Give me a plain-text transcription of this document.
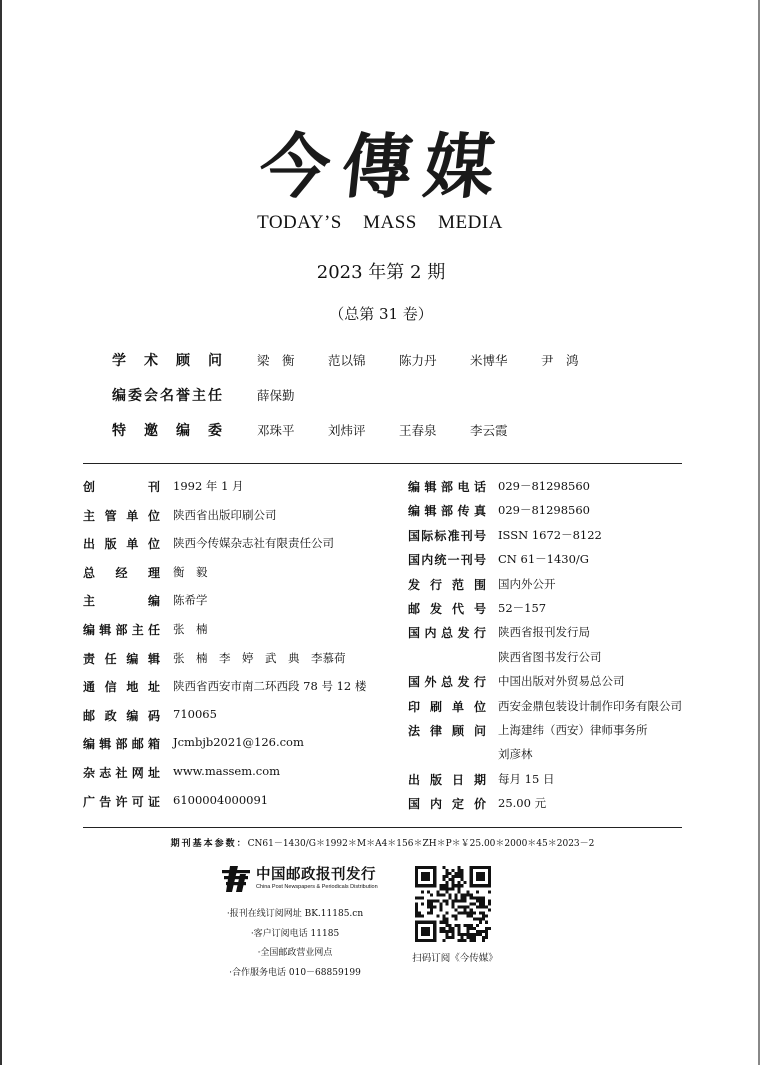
今傳媒
TODAY’S MASS MEDIA
2023 年第 2 期
（总第 31 卷）
学术顾问	梁　衡	范以锦	陈力丹	米博华	尹　鸿
编委会名誉主任	薛保勤
特邀编委	邓珠平	刘炜评	王春泉	李云霞
创刊 1992 年 1 月
主管单位 陕西省出版印刷公司
出版单位 陕西今传媒杂志社有限责任公司
总经理 衡　毅
主编 陈希学
编辑部主任 张　楠
责任编辑 张　楠　李　婷　武　典　李慕荷
通信地址 陕西省西安市南二环西段 78 号 12 楼
邮政编码 710065
编辑部邮箱 Jcmbjb2021@126.com
杂志社网址 www.massem.com
广告许可证 6100004000091
编辑部电话 029－81298560
编辑部传真 029－81298560
国际标准刊号 ISSN 1672－8122
国内统一刊号 CN 61－1430/G
发行范围 国内外公开
邮发代号 52－157
国内总发行 陕西省报刊发行局
陕西省图书发行公司
国外总发行 中国出版对外贸易总公司
印刷单位 西安金鼎包装设计制作印务有限公司
法律顾问 上海建纬（西安）律师事务所
刘彦林
出版日期 每月 15 日
国内定价 25.00 元
期刊基本参数：CN61－1430/G＊1992＊M＊A4＊156＊ZH＊P＊￥25.00＊2000＊45＊2023－2
中国邮政报刊发行
China Post Newspapers & Periodicals Distribution
·报刊在线订阅网址 BK.11185.cn
·客户订阅电话 11185
·全国邮政营业网点
·合作服务电话 010－68859199
扫码订阅《今传媒》
